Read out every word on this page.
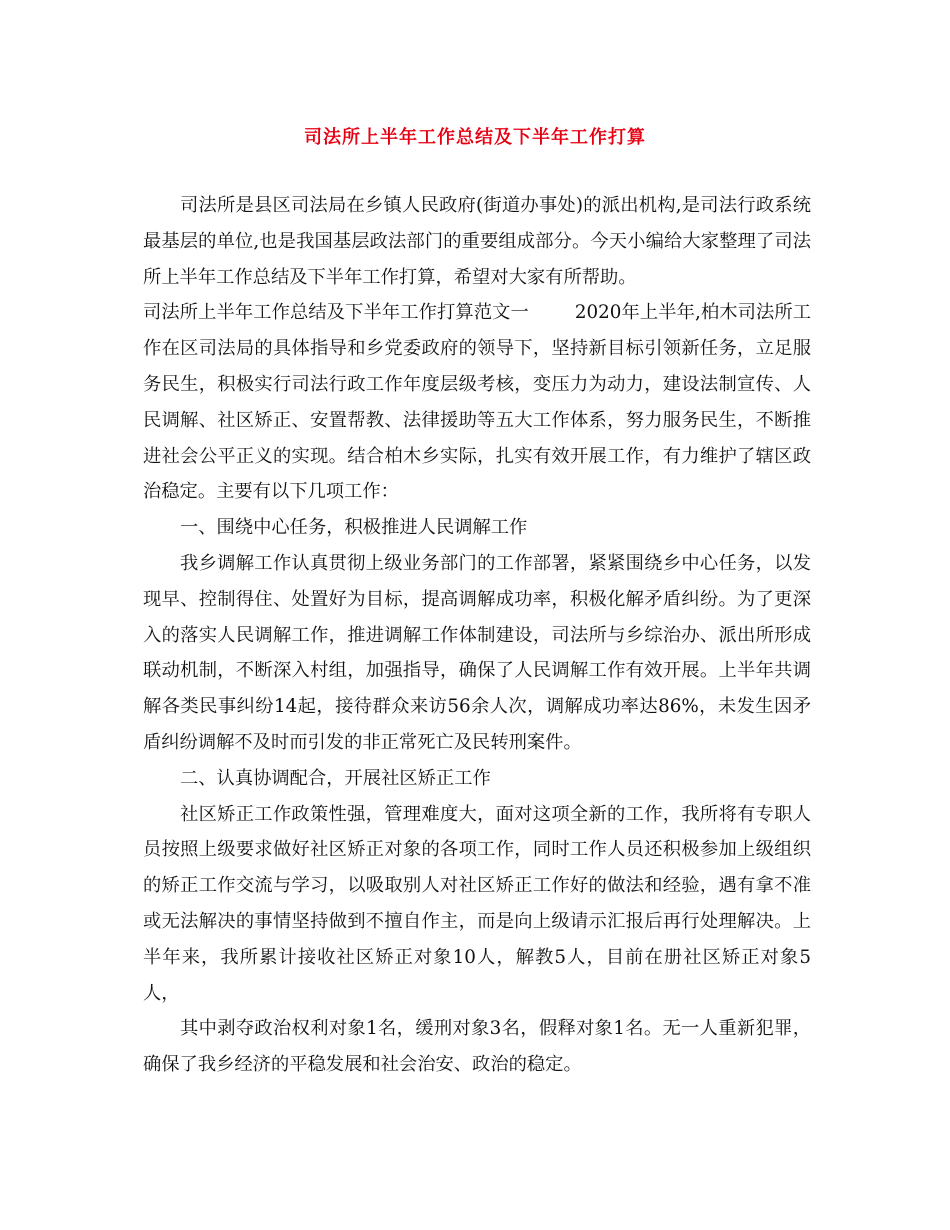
司法所上半年工作总结及下半年工作打算

司法所是县区司法局在乡镇人民政府(街道办事处)的派出机构,是司法行政系统最基层的单位,也是我国基层政法部门的重要组成部分。今天小编给大家整理了司法所上半年工作总结及下半年工作打算，希望对大家有所帮助。

司法所上半年工作总结及下半年工作打算范文一	2020年上半年,柏木司法所工作在区司法局的具体指导和乡党委政府的领导下，坚持新目标引领新任务，立足服务民生，积极实行司法行政工作年度层级考核，变压力为动力，建设法制宣传、人民调解、社区矫正、安置帮教、法律援助等五大工作体系，努力服务民生，不断推进社会公平正义的实现。结合柏木乡实际，扎实有效开展工作，有力维护了辖区政治稳定。主要有以下几项工作：

一、围绕中心任务，积极推进人民调解工作

我乡调解工作认真贯彻上级业务部门的工作部署，紧紧围绕乡中心任务，以发现早、控制得住、处置好为目标，提高调解成功率，积极化解矛盾纠纷。为了更深入的落实人民调解工作，推进调解工作体制建设，司法所与乡综治办、派出所形成联动机制，不断深入村组，加强指导，确保了人民调解工作有效开展。上半年共调解各类民事纠纷14起，接待群众来访56余人次，调解成功率达86%，未发生因矛盾纠纷调解不及时而引发的非正常死亡及民转刑案件。

二、认真协调配合，开展社区矫正工作

社区矫正工作政策性强，管理难度大，面对这项全新的工作，我所将有专职人员按照上级要求做好社区矫正对象的各项工作，同时工作人员还积极参加上级组织的矫正工作交流与学习，以吸取别人对社区矫正工作好的做法和经验，遇有拿不准或无法解决的事情坚持做到不擅自作主，而是向上级请示汇报后再行处理解决。上半年来，我所累计接收社区矫正对象10人，解教5人，目前在册社区矫正对象5人，

其中剥夺政治权利对象1名，缓刑对象3名，假释对象1名。无一人重新犯罪，确保了我乡经济的平稳发展和社会治安、政治的稳定。
